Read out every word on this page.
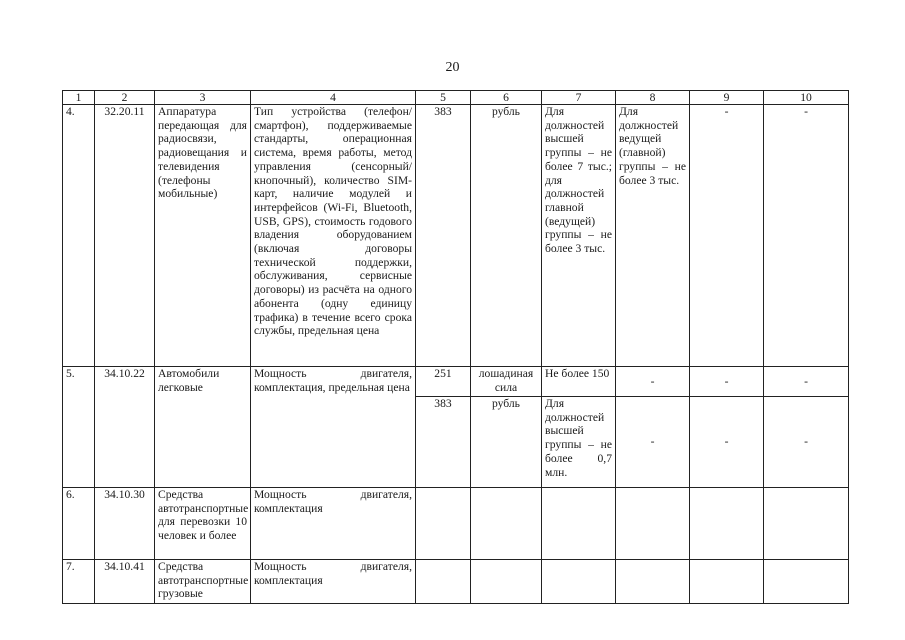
20
1	2	3	4	5	6	7	8	9	10
4.	32.20.11	Аппаратура передающая для радиосвязи, радиовещания и телевидения (телефоны мобильные)	Тип устройства (телефон/смартфон), поддерживаемые стандарты, операционная система, время работы, метод управления (сенсорный/кнопочный), количество SIM-карт, наличие модулей и интерфейсов (Wi-Fi, Bluetooth, USB, GPS), стоимость годового владения оборудованием (включая договоры технической поддержки, обслуживания, сервисные договоры) из расчёта на одного абонента (одну единицу трафика) в течение всего срока службы, предельная цена	383	рубль	Для должностей высшей группы – не более 7 тыс.; для должностей главной (ведущей) группы – не более 3 тыс.	Для должностей ведущей (главной) группы – не более 3 тыс.	-	-
5.	34.10.22	Автомобили легковые	Мощность двигателя, комплектация, предельная цена	251	лошадиная сила	Не более 150	-	-	-
				383	рубль	Для должностей высшей группы – не более 0,7 млн.	-	-	-
6.	34.10.30	Средства автотранспортные для перевозки 10 человек и более	Мощность двигателя, комплектация						
7.	34.10.41	Средства автотранспортные грузовые	Мощность двигателя, комплектация						
